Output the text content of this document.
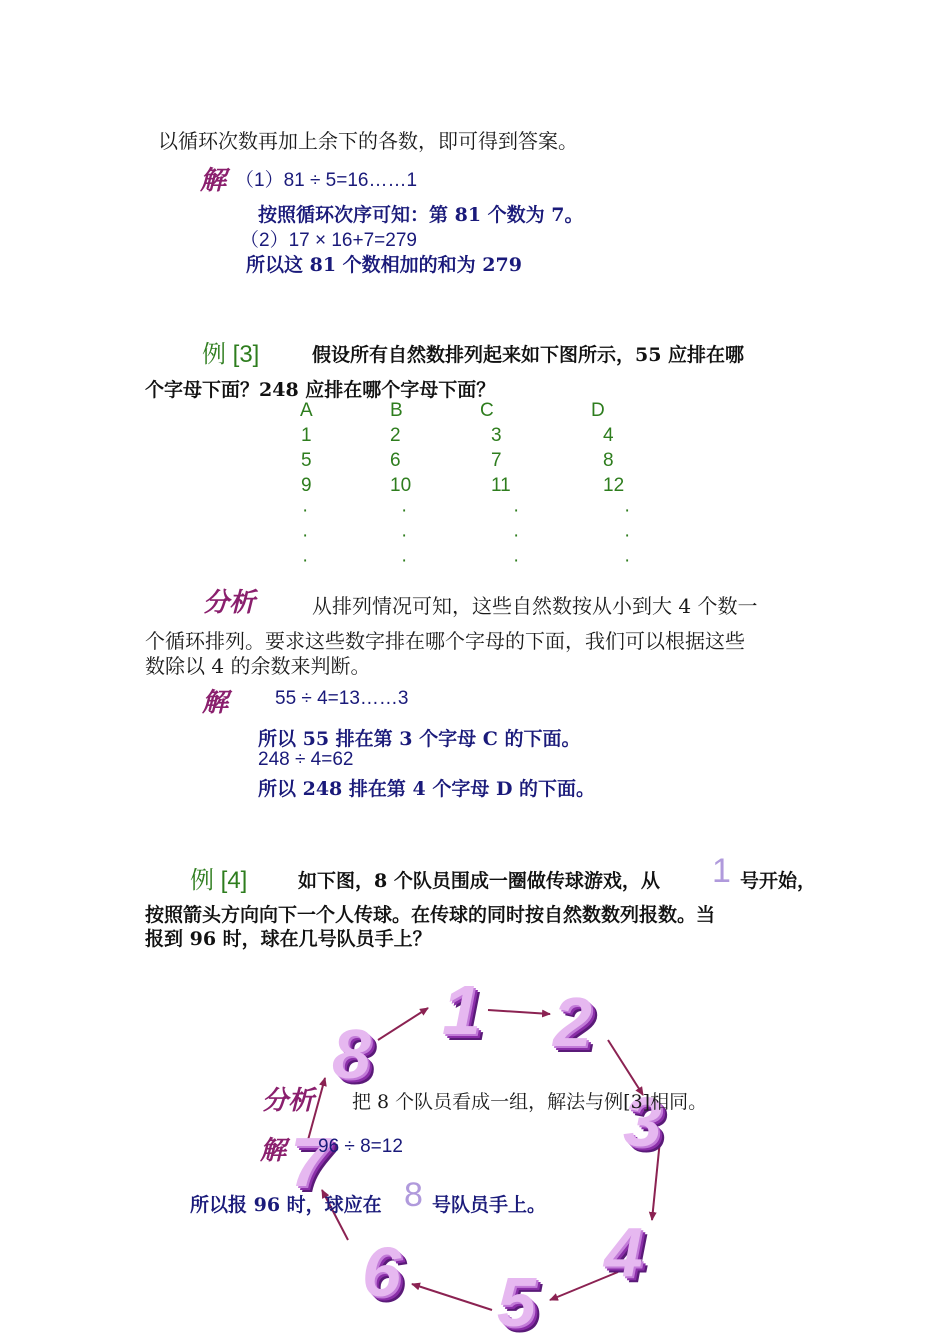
以循环次数再加上余下的各数，即可得到答案。
解 （1）81 ÷ 5=16……1
按照循环次序可知：第 81 个数为 7。
（2）17 × 16+7=279
所以这 81 个数相加的和为 279
例 [3]	假设所有自然数排列起来如下图所示，55 应排在哪
个字母下面？248 应排在哪个字母下面？
A	B	C	D
1	2	3	4
5	6	7	8
9	10	11	12
·	·	·	·
·	·	·	·
·	·	·	·
分析	从排列情况可知，这些自然数按从小到大 4 个数一
个循环排列。要求这些数字排在哪个字母的下面，我们可以根据这些
数除以 4 的余数来判断。
解 55 ÷ 4=13……3
所以 55 排在第 3 个字母 C 的下面。
248 ÷ 4=62
所以 248 排在第 4 个字母 D 的下面。
例 [4]	如下图，8 个队员围成一圈做传球游戏，从 1 号开始，
按照箭头方向向下一个人传球。在传球的同时按自然数数列报数。当
报到 96 时，球在几号队员手上？
1 2
3
4
5
6
7
8
分析 把 8 个队员看成一组，解法与例[3]相同。
解 96 ÷ 8=12
所以报 96 时，球应在 8 号队员手上。
